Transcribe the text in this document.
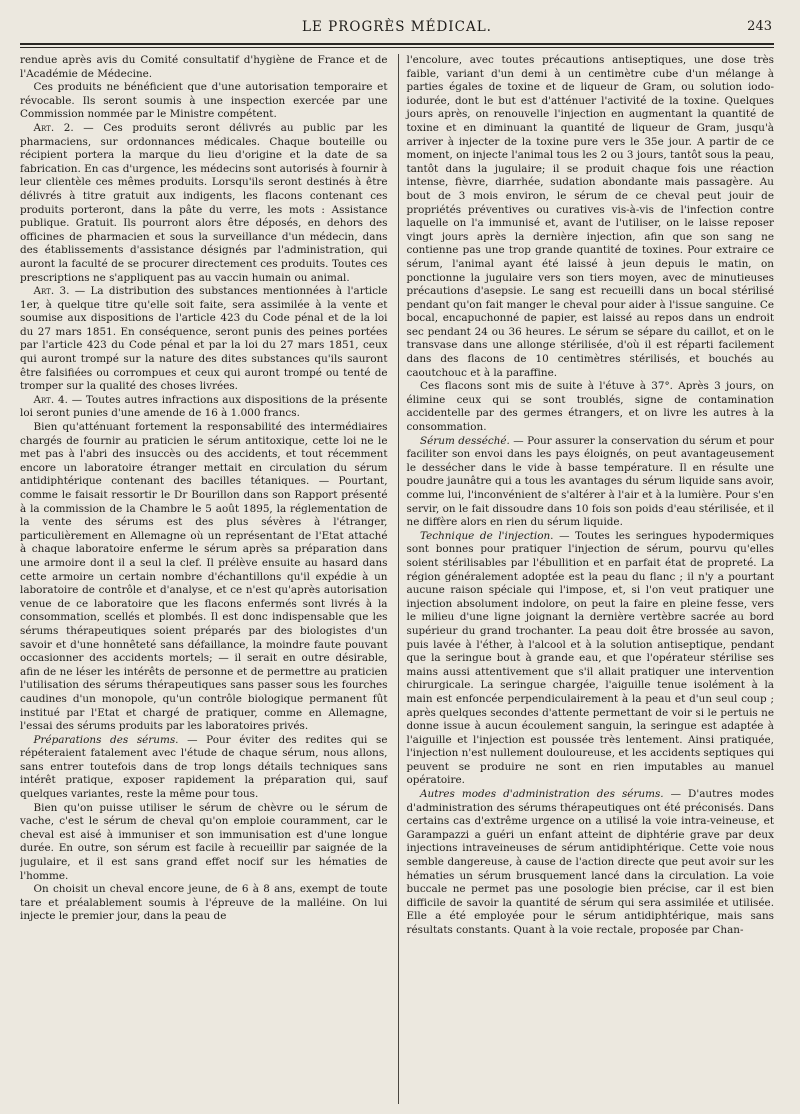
LE PROGRÈS MÉDICAL.	243

rendue après avis du Comité consultatif d'hygiène de France et de l'Académie de Médecine.

Ces produits ne bénéficient que d'une autorisation temporaire et révocable. Ils seront soumis à une inspection exercée par une Commission nommée par le Ministre compétent.

Art. 2. — Ces produits seront délivrés au public par les pharmaciens, sur ordonnances médicales. Chaque bouteille ou récipient portera la marque du lieu d'origine et la date de sa fabrication. En cas d'urgence, les médecins sont autorisés à fournir à leur clientèle ces mêmes produits. Lorsqu'ils seront destinés à être délivrés à titre gratuit aux indigents, les flacons contenant ces produits porteront, dans la pâte du verre, les mots : Assistance publique. Gratuit. Ils pourront alors être déposés, en dehors des officines de pharmacien et sous la surveillance d'un médecin, dans des établissements d'assistance désignés par l'administration, qui auront la faculté de se procurer directement ces produits. Toutes ces prescriptions ne s'appliquent pas au vaccin humain ou animal.

Art. 3. — La distribution des substances mentionnées à l'article 1er, à quelque titre qu'elle soit faite, sera assimilée à la vente et soumise aux dispositions de l'article 423 du Code pénal et de la loi du 27 mars 1851. En conséquence, seront punis des peines portées par l'article 423 du Code pénal et par la loi du 27 mars 1851, ceux qui auront trompé sur la nature des dites substances qu'ils sauront être falsifiées ou corrompues et ceux qui auront trompé ou tenté de tromper sur la qualité des choses livrées.

Art. 4. — Toutes autres infractions aux dispositions de la présente loi seront punies d'une amende de 16 à 1.000 francs.

Bien qu'atténuant fortement la responsabilité des intermédiaires chargés de fournir au praticien le sérum antitoxique, cette loi ne le met pas à l'abri des insuccès ou des accidents, et tout récemment encore un laboratoire étranger mettait en circulation du sérum antidiphtérique contenant des bacilles tétaniques. — Pourtant, comme le faisait ressortir le Dr Bourillon dans son Rapport présenté à la commission de la Chambre le 5 août 1895, la réglementation de la vente des sérums est des plus sévères à l'étranger, particulièrement en Allemagne où un représentant de l'Etat attaché à chaque laboratoire enferme le sérum après sa préparation dans une armoire dont il a seul la clef. Il prélève ensuite au hasard dans cette armoire un certain nombre d'échantillons qu'il expédie à un laboratoire de contrôle et d'analyse, et ce n'est qu'après autorisation venue de ce laboratoire que les flacons enfermés sont livrés à la consommation, scellés et plombés. Il est donc indispensable que les sérums thérapeutiques soient préparés par des biologistes d'un savoir et d'une honnêteté sans défaillance, la moindre faute pouvant occasionner des accidents mortels; — il serait en outre désirable, afin de ne léser les intérêts de personne et de permettre au praticien l'utilisation des sérums thérapeutiques sans passer sous les fourches caudines d'un monopole, qu'un contrôle biologique permanent fût institué par l'Etat et chargé de pratiquer, comme en Allemagne, l'essai des sérums produits par les laboratoires privés.

Préparations des sérums. — Pour éviter des redites qui se répéteraient fatalement avec l'étude de chaque sérum, nous allons, sans entrer toutefois dans de trop longs détails techniques sans intérêt pratique, exposer rapidement la préparation qui, sauf quelques variantes, reste la même pour tous.

Bien qu'on puisse utiliser le sérum de chèvre ou le sérum de vache, c'est le sérum de cheval qu'on emploie couramment, car le cheval est aisé à immuniser et son immunisation est d'une longue durée. En outre, son sérum est facile à recueillir par saignée de la jugulaire, et il est sans grand effet nocif sur les hématies de l'homme.

On choisit un cheval encore jeune, de 6 à 8 ans, exempt de toute tare et préalablement soumis à l'épreuve de la malléine. On lui injecte le premier jour, dans la peau de

l'encolure, avec toutes précautions antiseptiques, une dose très faible, variant d'un demi à un centimètre cube d'un mélange à parties égales de toxine et de liqueur de Gram, ou solution iodo-iodurée, dont le but est d'atténuer l'activité de la toxine. Quelques jours après, on renouvelle l'injection en augmentant la quantité de toxine et en diminuant la quantité de liqueur de Gram, jusqu'à arriver à injecter de la toxine pure vers le 35e jour. A partir de ce moment, on injecte l'animal tous les 2 ou 3 jours, tantôt sous la peau, tantôt dans la jugulaire; il se produit chaque fois une réaction intense, fièvre, diarrhée, sudation abondante mais passagère. Au bout de 3 mois environ, le sérum de ce cheval peut jouir de propriétés préventives ou curatives vis-à-vis de l'infection contre laquelle on l'a immunisé et, avant de l'utiliser, on le laisse reposer vingt jours après la dernière injection, afin que son sang ne contienne pas une trop grande quantité de toxines. Pour extraire ce sérum, l'animal ayant été laissé à jeun depuis le matin, on ponctionne la jugulaire vers son tiers moyen, avec de minutieuses précautions d'asepsie. Le sang est recueilli dans un bocal stérilisé pendant qu'on fait manger le cheval pour aider à l'issue sanguine. Ce bocal, encapuchonné de papier, est laissé au repos dans un endroit sec pendant 24 ou 36 heures. Le sérum se sépare du caillot, et on le transvase dans une allonge stérilisée, d'où il est réparti facilement dans des flacons de 10 centimètres stérilisés, et bouchés au caoutchouc et à la paraffine.

Ces flacons sont mis de suite à l'étuve à 37°. Après 3 jours, on élimine ceux qui se sont troublés, signe de contamination accidentelle par des germes étrangers, et on livre les autres à la consommation.

Sérum desséché. — Pour assurer la conservation du sérum et pour faciliter son envoi dans les pays éloignés, on peut avantageusement le dessécher dans le vide à basse température. Il en résulte une poudre jaunâtre qui a tous les avantages du sérum liquide sans avoir, comme lui, l'inconvénient de s'altérer à l'air et à la lumière. Pour s'en servir, on le fait dissoudre dans 10 fois son poids d'eau stérilisée, et il ne diffère alors en rien du sérum liquide.

Technique de l'injection. — Toutes les seringues hypodermiques sont bonnes pour pratiquer l'injection de sérum, pourvu qu'elles soient stérilisables par l'ébullition et en parfait état de propreté. La région généralement adoptée est la peau du flanc ; il n'y a pourtant aucune raison spéciale qui l'impose, et, si l'on veut pratiquer une injection absolument indolore, on peut la faire en pleine fesse, vers le milieu d'une ligne joignant la dernière vertèbre sacrée au bord supérieur du grand trochanter. La peau doit être brossée au savon, puis lavée à l'éther, à l'alcool et à la solution antiseptique, pendant que la seringue bout à grande eau, et que l'opérateur stérilise ses mains aussi attentivement que s'il allait pratiquer une intervention chirurgicale. La seringue chargée, l'aiguille tenue isolément à la main est enfoncée perpendiculairement à la peau et d'un seul coup ; après quelques secondes d'attente permettant de voir si le pertuis ne donne issue à aucun écoulement sanguin, la seringue est adaptée à l'aiguille et l'injection est poussée très lentement. Ainsi pratiquée, l'injection n'est nullement douloureuse, et les accidents septiques qui peuvent se produire ne sont en rien imputables au manuel opératoire.

Autres modes d'administration des sérums. — D'autres modes d'administration des sérums thérapeutiques ont été préconisés. Dans certains cas d'extrême urgence on a utilisé la voie intra-veineuse, et Garampazzi a guéri un enfant atteint de diphtérie grave par deux injections intraveineuses de sérum antidiphtérique. Cette voie nous semble dangereuse, à cause de l'action directe que peut avoir sur les hématies un sérum brusquement lancé dans la circulation. La voie buccale ne permet pas une posologie bien précise, car il est bien difficile de savoir la quantité de sérum qui sera assimilée et utilisée. Elle a été employée pour le sérum antidiphtérique, mais sans résultats constants. Quant à la voie rectale, proposée par Chan-
